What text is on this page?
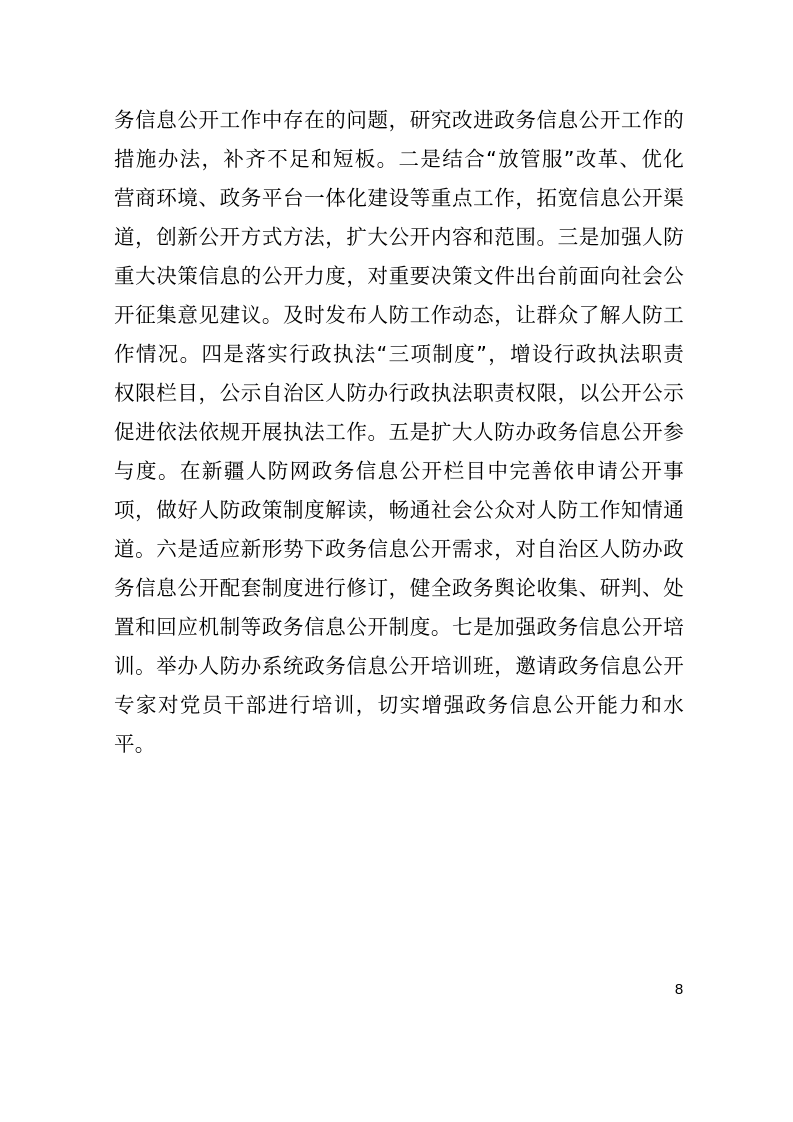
务信息公开工作中存在的问题，研究改进政务信息公开工作的
措施办法，补齐不足和短板。二是结合“放管服”改革、优化
营商环境、政务平台一体化建设等重点工作，拓宽信息公开渠
道，创新公开方式方法，扩大公开内容和范围。三是加强人防
重大决策信息的公开力度，对重要决策文件出台前面向社会公
开征集意见建议。及时发布人防工作动态，让群众了解人防工
作情况。四是落实行政执法“三项制度”，增设行政执法职责
权限栏目，公示自治区人防办行政执法职责权限，以公开公示
促进依法依规开展执法工作。五是扩大人防办政务信息公开参
与度。在新疆人防网政务信息公开栏目中完善依申请公开事
项，做好人防政策制度解读，畅通社会公众对人防工作知情通
道。六是适应新形势下政务信息公开需求，对自治区人防办政
务信息公开配套制度进行修订，健全政务舆论收集、研判、处
置和回应机制等政务信息公开制度。七是加强政务信息公开培
训。举办人防办系统政务信息公开培训班，邀请政务信息公开
专家对党员干部进行培训，切实增强政务信息公开能力和水
平。
8
